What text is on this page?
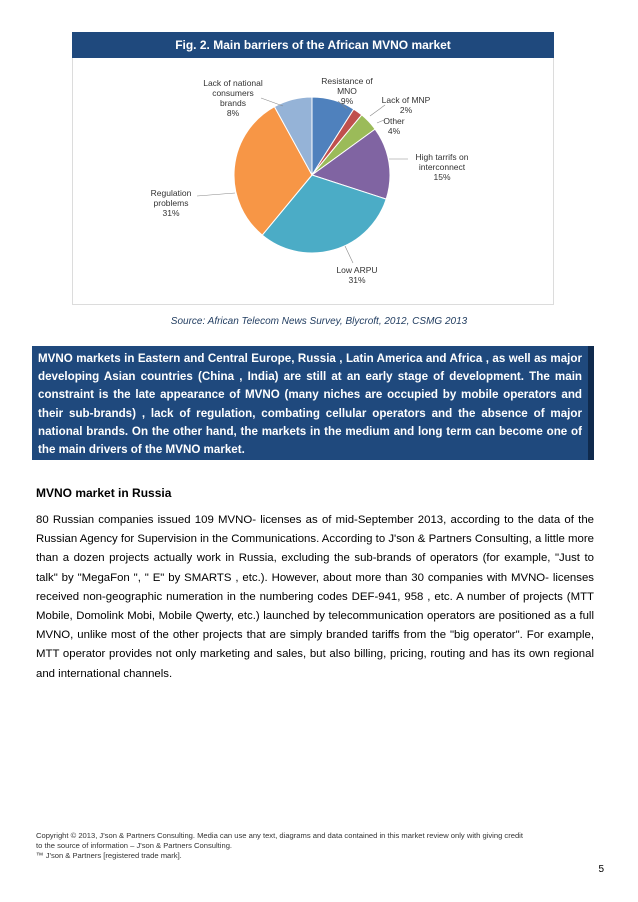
Fig. 2. Main barriers of the African MVNO market
Resistance of MNO 9%	Lack of MNP 2%
Other 4%
High tarrifs on interconnect 15%
Low ARPU 31%
Regulation problems 31%
Lack of national consumers brands 8%
Source: African Telecom News Survey, Blycroft, 2012, CSMG 2013
MVNO markets in Eastern and Central Europe, Russia , Latin America and Africa , as well as major developing Asian countries (China , India) are still at an early stage of development. The main constraint is the late appearance of MVNO (many niches are occupied by mobile operators and their sub-brands) , lack of regulation, combating cellular operators and the absence of major national brands. On the other hand, the markets in the medium and long term can become one of the main drivers of the MVNO market.
MVNO market in Russia
80 Russian companies issued 109 MVNO- licenses as of mid-September 2013, according to the data of the Russian Agency for Supervision in the Communications. According to J'son & Partners Consulting, a little more than a dozen projects actually work in Russia, excluding the sub-brands of operators (for example, "Just to talk" by "MegaFon ", " E" by SMARTS , etc.). However, about more than 30 companies with MVNO- licenses received non-geographic numeration in the numbering codes DEF-941, 958 , etc. A number of projects (MTT Mobile, Domolink Mobi, Mobile Qwerty, etc.) launched by telecommunication operators are positioned as a full MVNO, unlike most of the other projects that are simply branded tariffs from the "big operator". For example, MTT operator provides not only marketing and sales, but also billing, pricing, routing and has its own regional and international channels.
Copyright © 2013, J'son & Partners Consulting. Media can use any text, diagrams and data contained in this market review only with giving credit
to the source of information – J'son & Partners Consulting.
™ J'son & Partners [registered trade mark].
5
